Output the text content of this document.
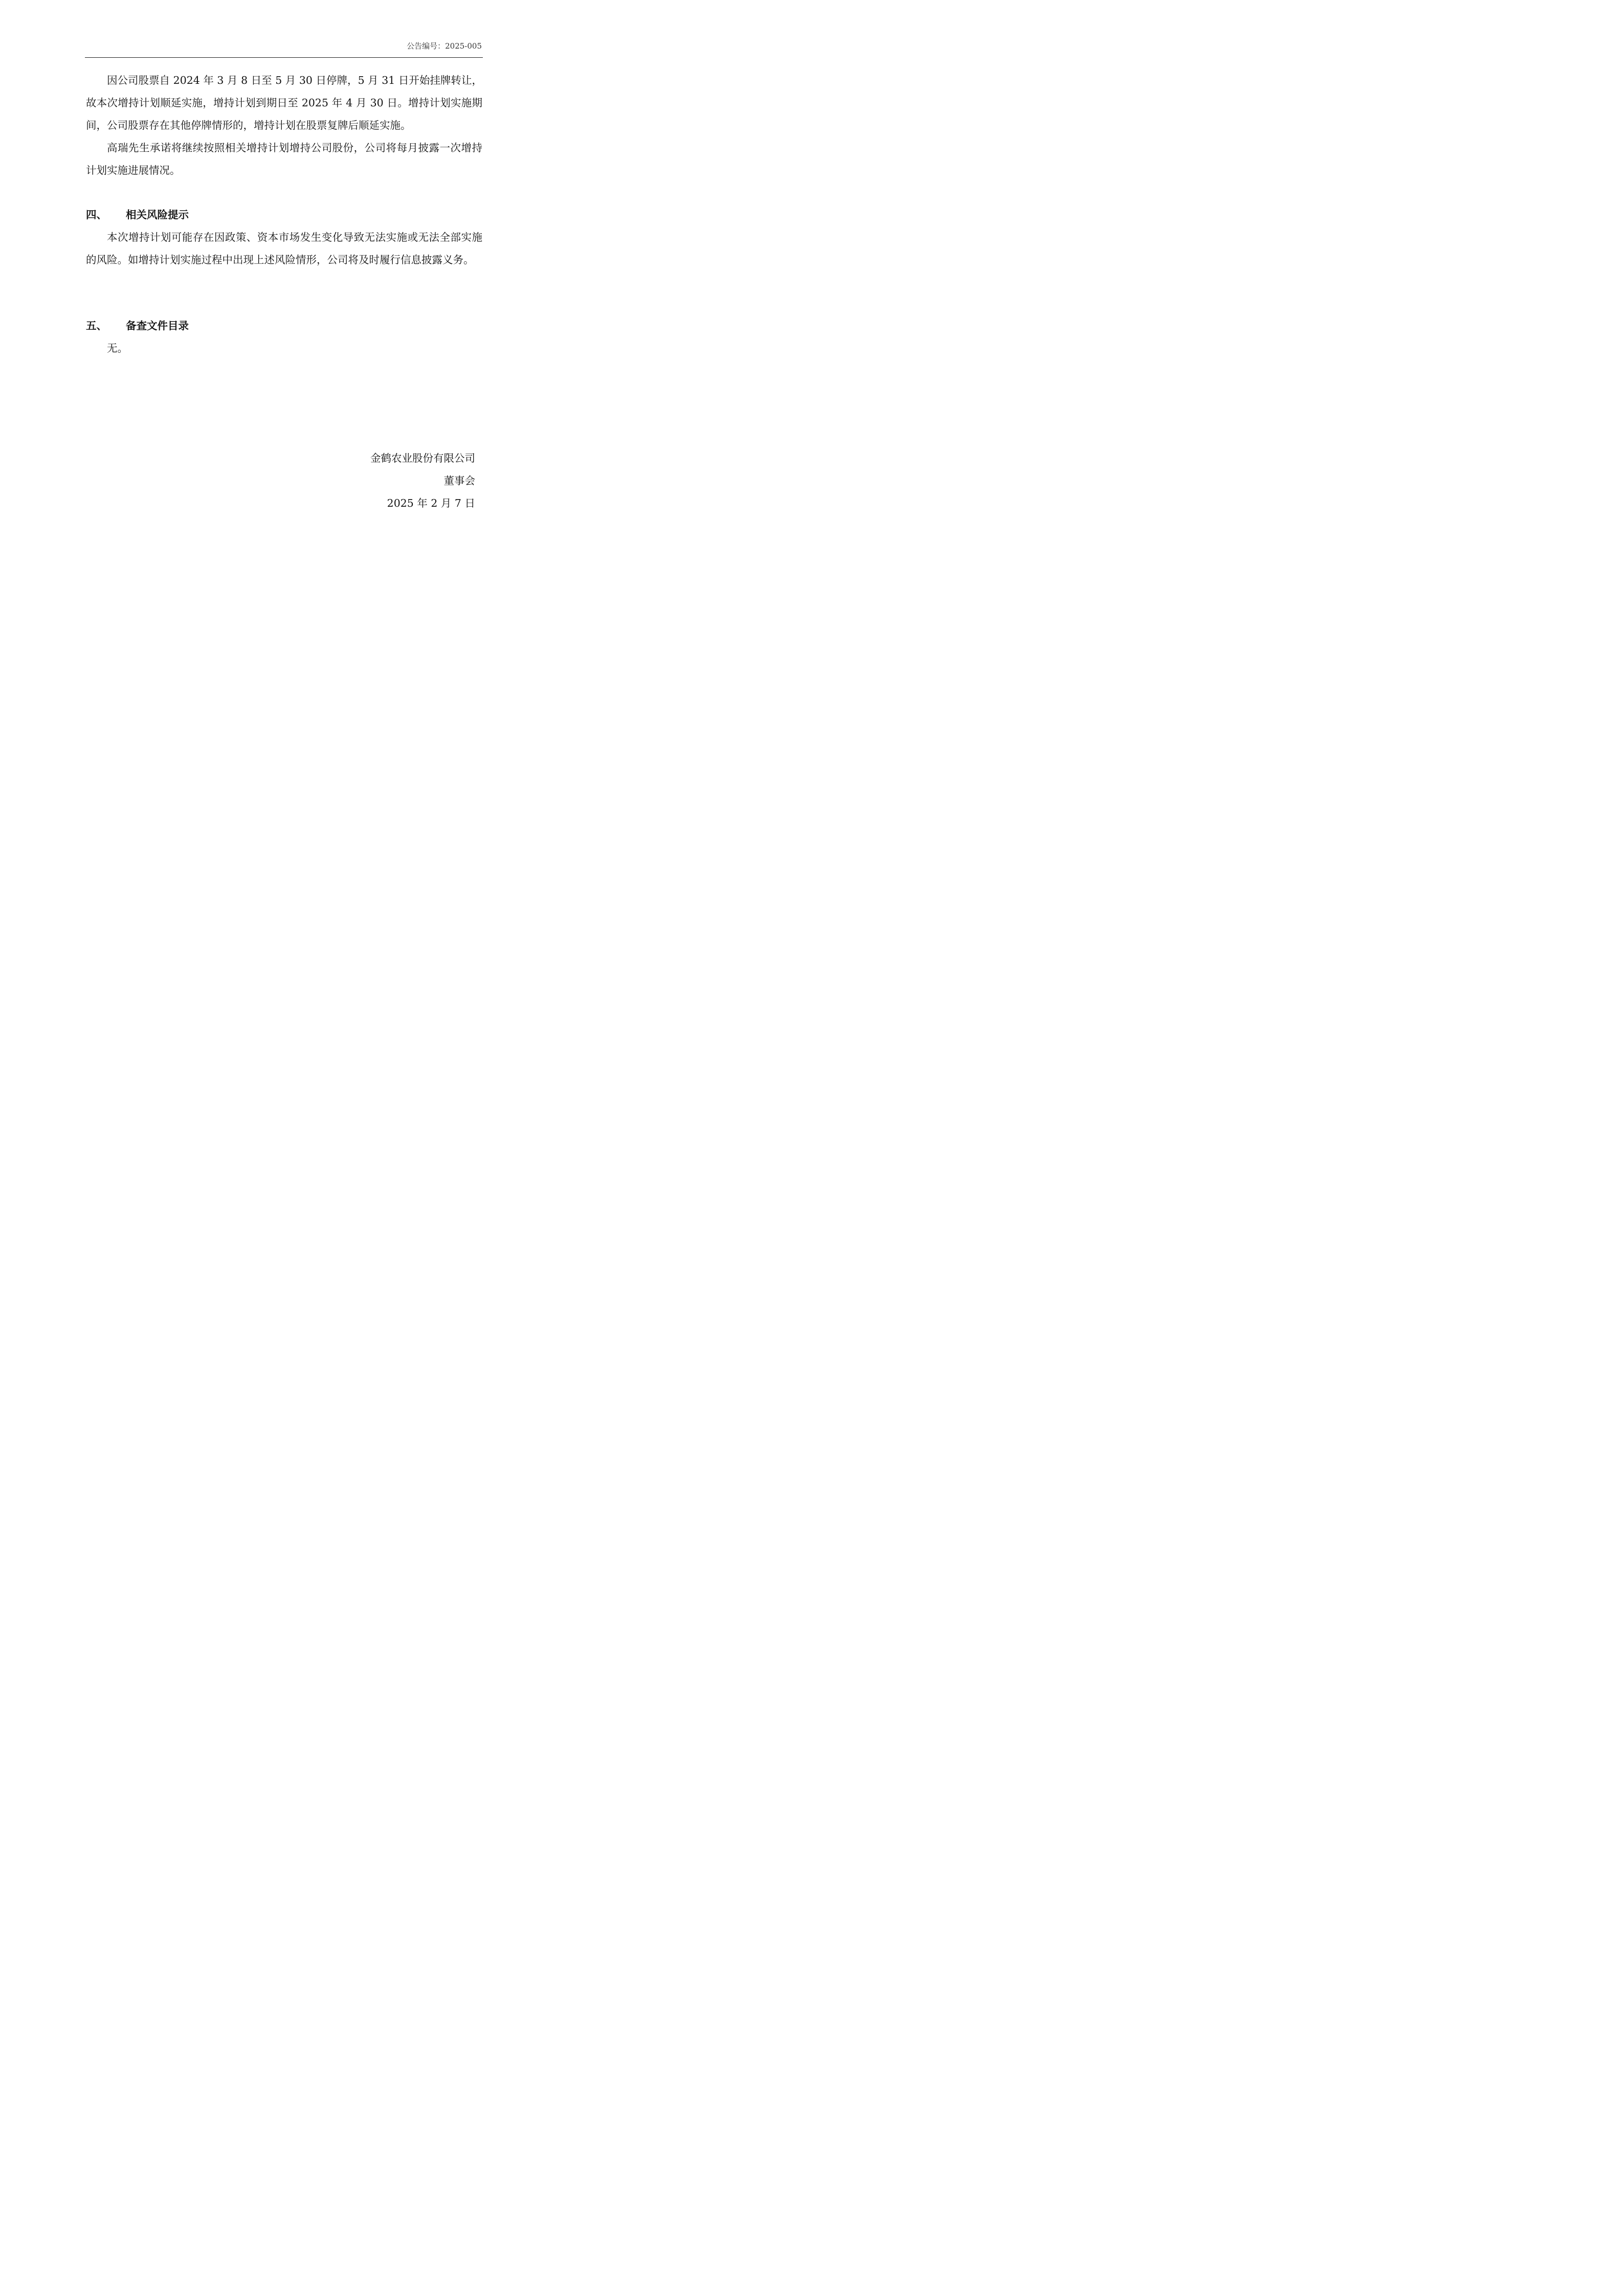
公告编号：2025-005

因公司股票自 2024 年 3 月 8 日至 5 月 30 日停牌，5 月 31 日开始挂牌转让，故本次增持计划顺延实施，增持计划到期日至 2025 年 4 月 30 日。增持计划实施期间，公司股票存在其他停牌情形的，增持计划在股票复牌后顺延实施。

高瑞先生承诺将继续按照相关增持计划增持公司股份，公司将每月披露一次增持计划实施进展情况。

四、 相关风险提示

本次增持计划可能存在因政策、资本市场发生变化导致无法实施或无法全部实施的风险。如增持计划实施过程中出现上述风险情形，公司将及时履行信息披露义务。

五、 备查文件目录

无。

金鹤农业股份有限公司
董事会
2025 年 2 月 7 日
